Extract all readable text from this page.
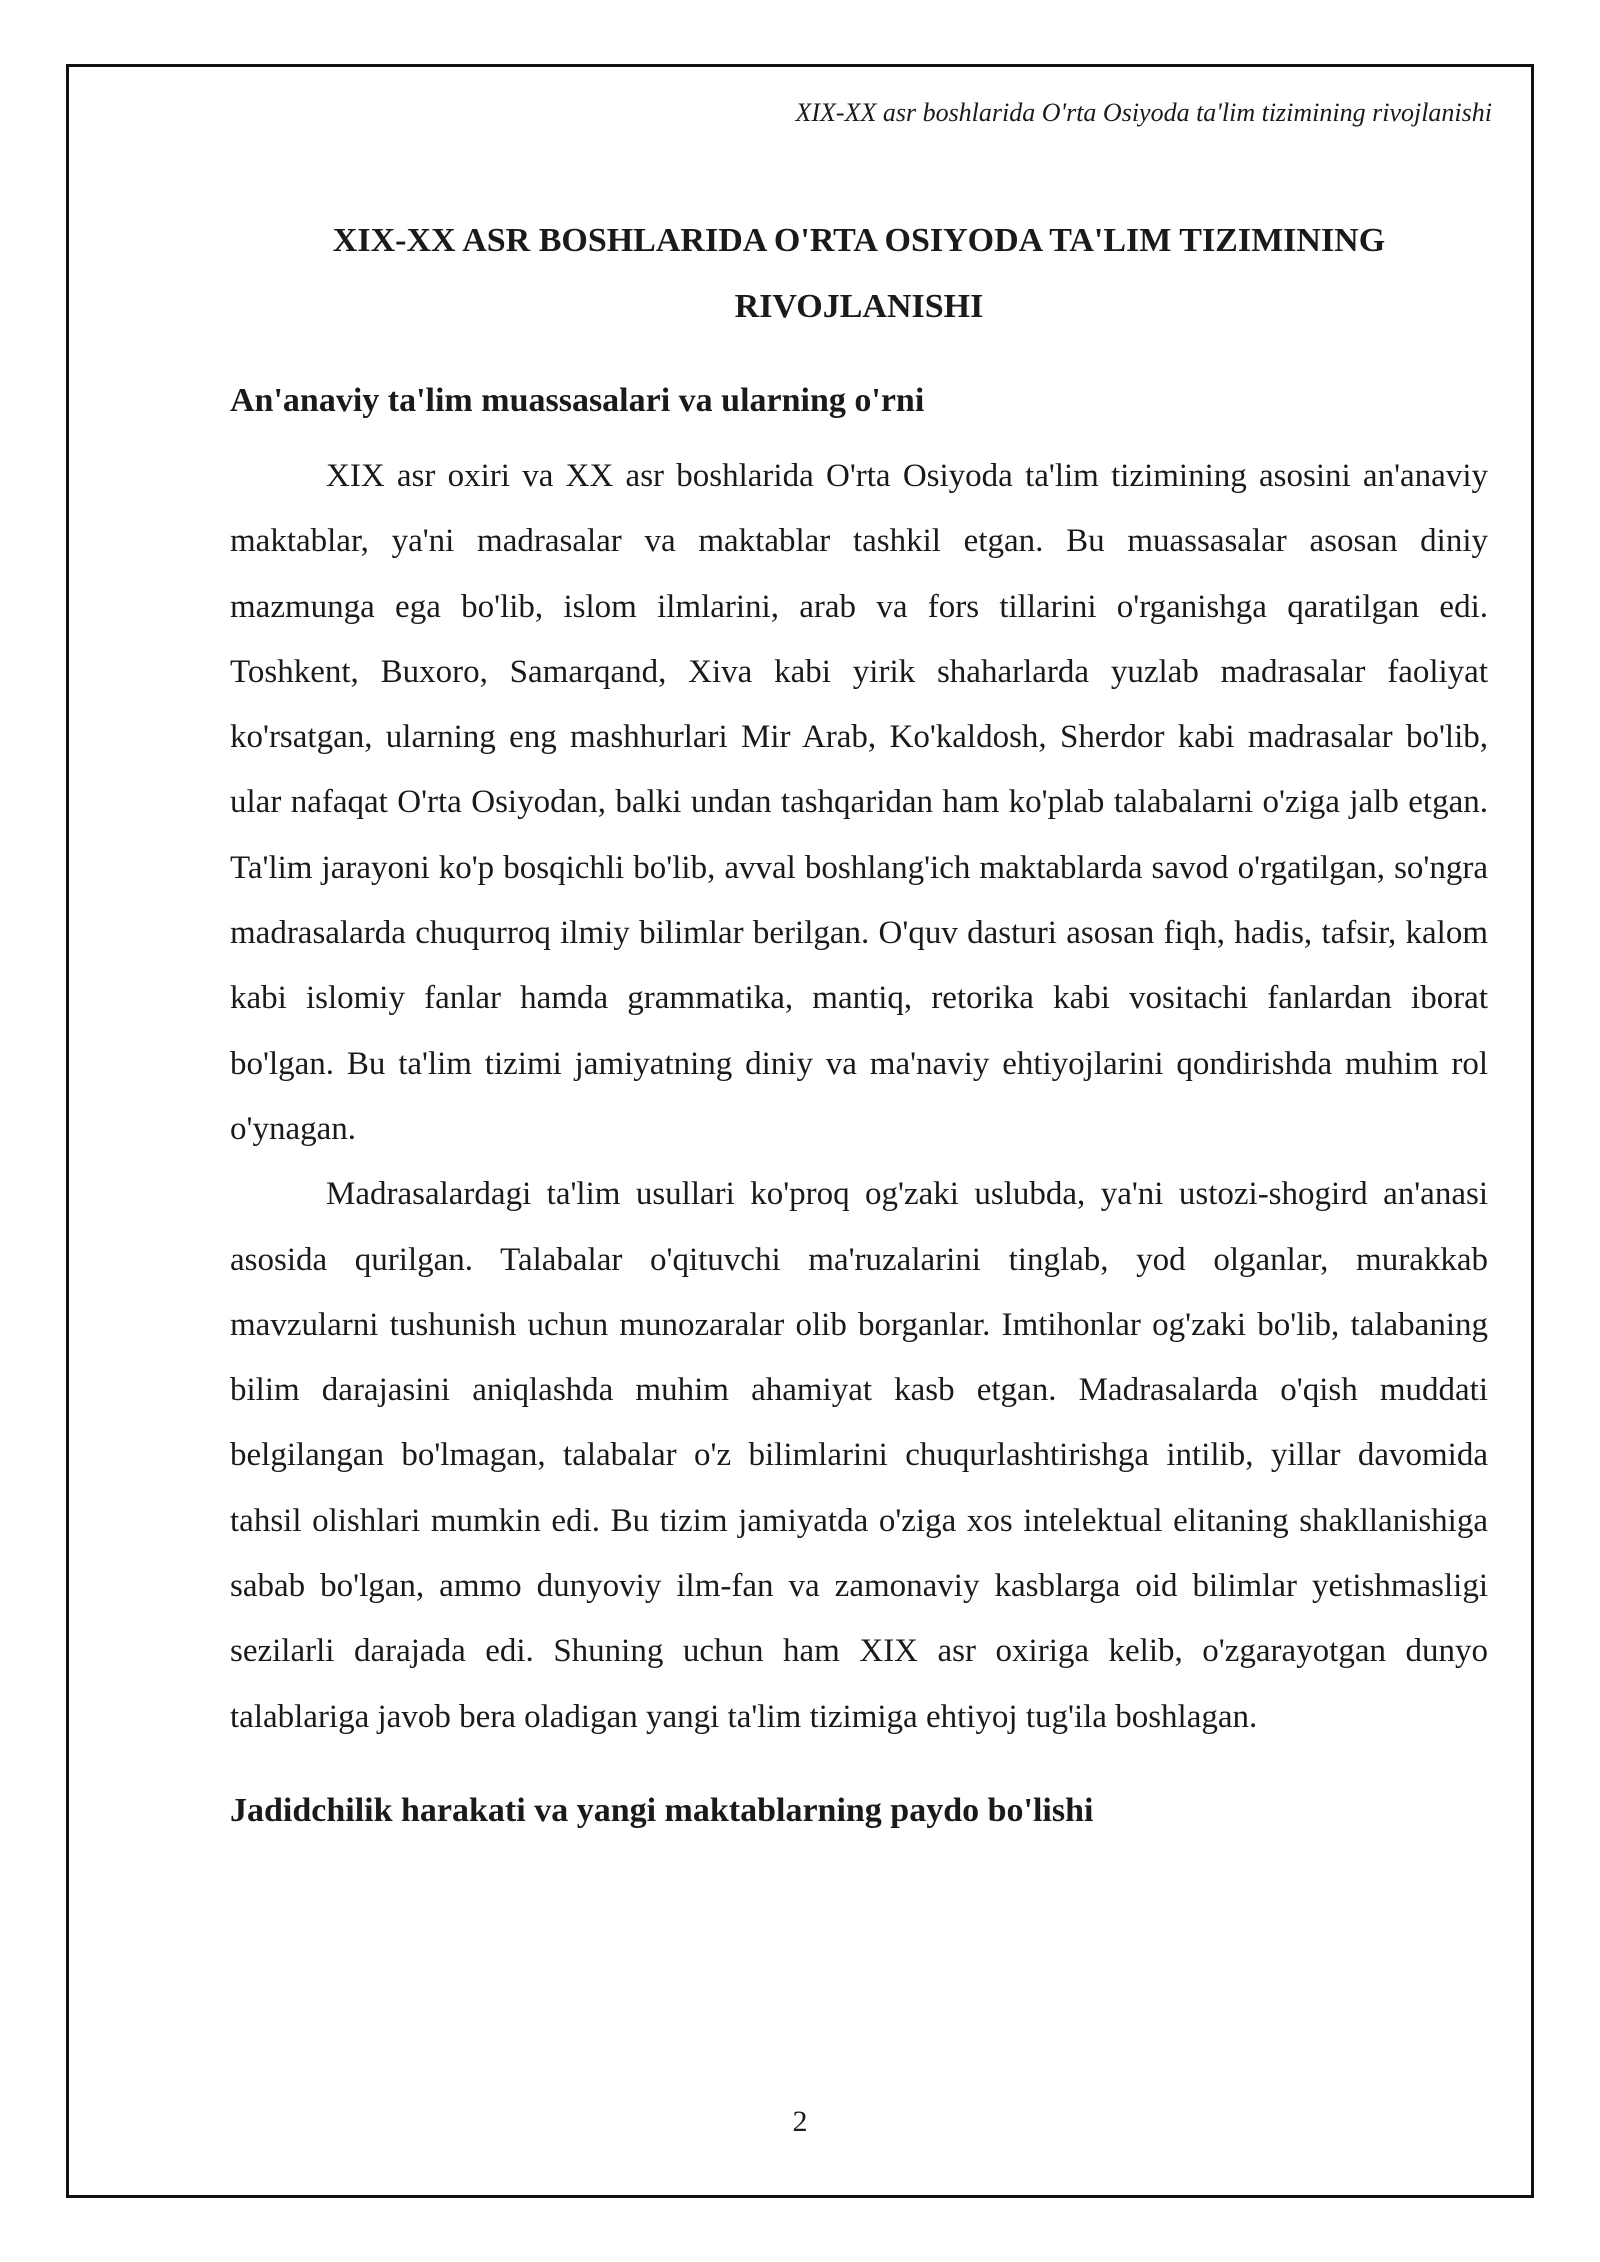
XIX-XX asr boshlarida O'rta Osiyoda ta'lim tizimining rivojlanishi
XIX-XX ASR BOSHLARIDA O'RTA OSIYODA TA'LIM TIZIMINING RIVOJLANISHI
An'anaviy ta'lim muassasalari va ularning o'rni

XIX asr oxiri va XX asr boshlarida O'rta Osiyoda ta'lim tizimining asosini an'anaviy maktablar, ya'ni madrasalar va maktablar tashkil etgan. Bu muassasalar asosan diniy mazmunga ega bo'lib, islom ilmlarini, arab va fors tillarini o'rganishga qaratilgan edi. Toshkent, Buxoro, Samarqand, Xiva kabi yirik shaharlarda yuzlab madrasalar faoliyat ko'rsatgan, ularning eng mashhurlari Mir Arab, Ko'kaldosh, Sherdor kabi madrasalar bo'lib, ular nafaqat O'rta Osiyodan, balki undan tashqaridan ham ko'plab talabalarni o'ziga jalb etgan. Ta'lim jarayoni ko'p bosqichli bo'lib, avval boshlang'ich maktablarda savod o'rgatilgan, so'ngra madrasalarda chuqurroq ilmiy bilimlar berilgan. O'quv dasturi asosan fiqh, hadis, tafsir, kalom kabi islomiy fanlar hamda grammatika, mantiq, retorika kabi vositachi fanlardan iborat bo'lgan. Bu ta'lim tizimi jamiyatning diniy va ma'naviy ehtiyojlarini qondirishda muhim rol o'ynagan.

Madrasalardagi ta'lim usullari ko'proq og'zaki uslubda, ya'ni ustozi-shogird an'anasi asosida qurilgan. Talabalar o'qituvchi ma'ruzalarini tinglab, yod olganlar, murakkab mavzularni tushunish uchun munozaralar olib borganlar. Imtihonlar og'zaki bo'lib, talabaning bilim darajasini aniqlashda muhim ahamiyat kasb etgan. Madrasalarda o'qish muddati belgilangan bo'lmagan, talabalar o'z bilimlarini chuqurlashtirishga intilib, yillar davomida tahsil olishlari mumkin edi. Bu tizim jamiyatda o'ziga xos intelektual elitaning shakllanishiga sabab bo'lgan, ammo dunyoviy ilm-fan va zamonaviy kasblarga oid bilimlar yetishmasligi sezilarli darajada edi. Shuning uchun ham XIX asr oxiriga kelib, o'zgarayotgan dunyo talablariga javob bera oladigan yangi ta'lim tizimiga ehtiyoj tug'ila boshlagan.

Jadidchilik harakati va yangi maktablarning paydo bo'lishi
2
